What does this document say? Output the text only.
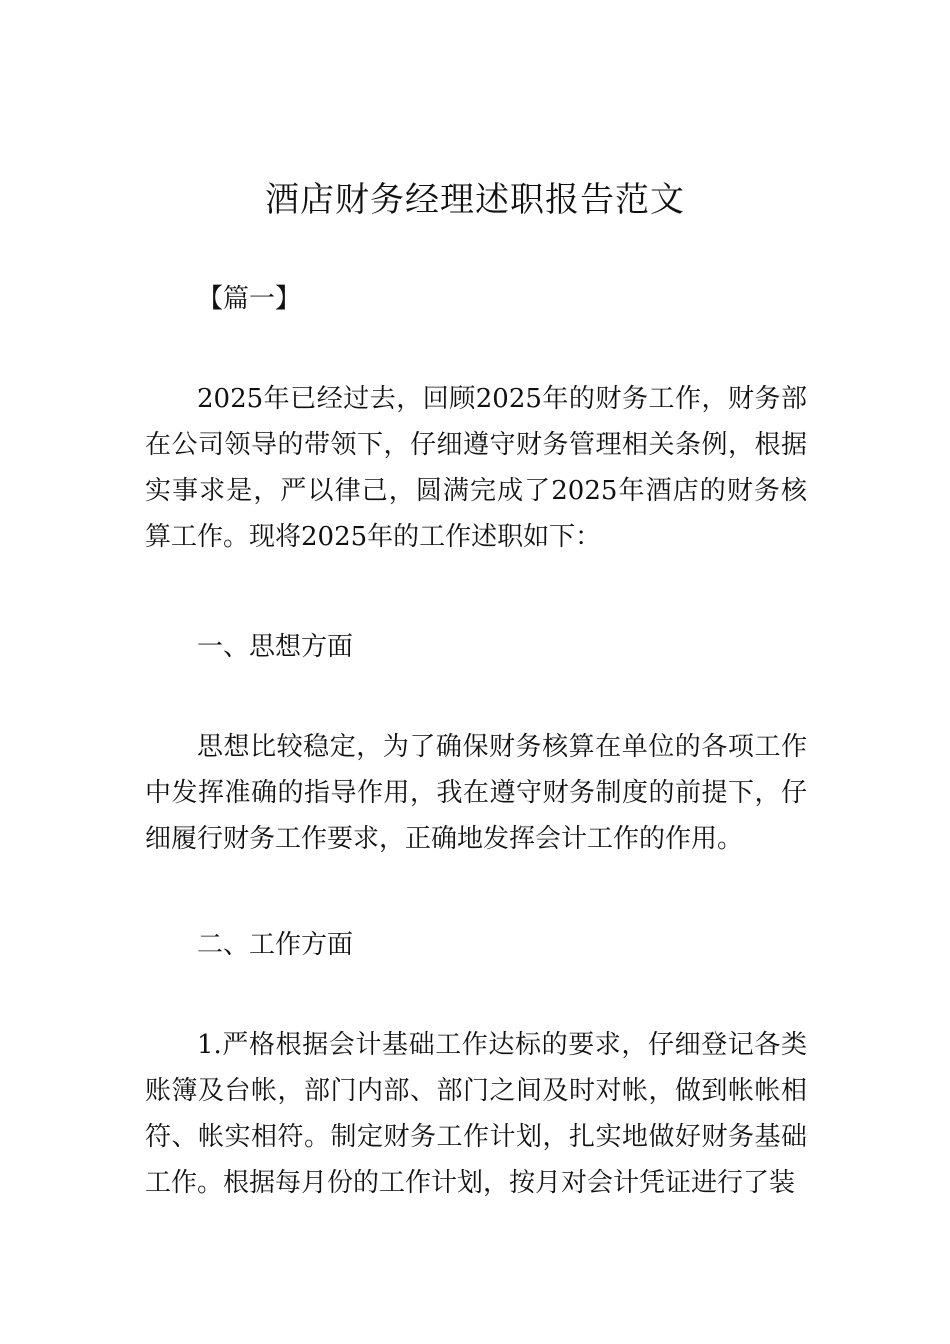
酒店财务经理述职报告范文

【篇一】

2025年已经过去，回顾2025年的财务工作，财务部在公司领导的带领下，仔细遵守财务管理相关条例，根据实事求是，严以律己，圆满完成了2025年酒店的财务核算工作。现将2025年的工作述职如下：

一、思想方面

思想比较稳定，为了确保财务核算在单位的各项工作中发挥准确的指导作用，我在遵守财务制度的前提下，仔细履行财务工作要求，正确地发挥会计工作的作用。

二、工作方面

1.严格根据会计基础工作达标的要求，仔细登记各类账簿及台帐，部门内部、部门之间及时对帐，做到帐帐相符、帐实相符。制定财务工作计划，扎实地做好财务基础工作。根据每月份的工作计划，按月对会计凭证进行了装
